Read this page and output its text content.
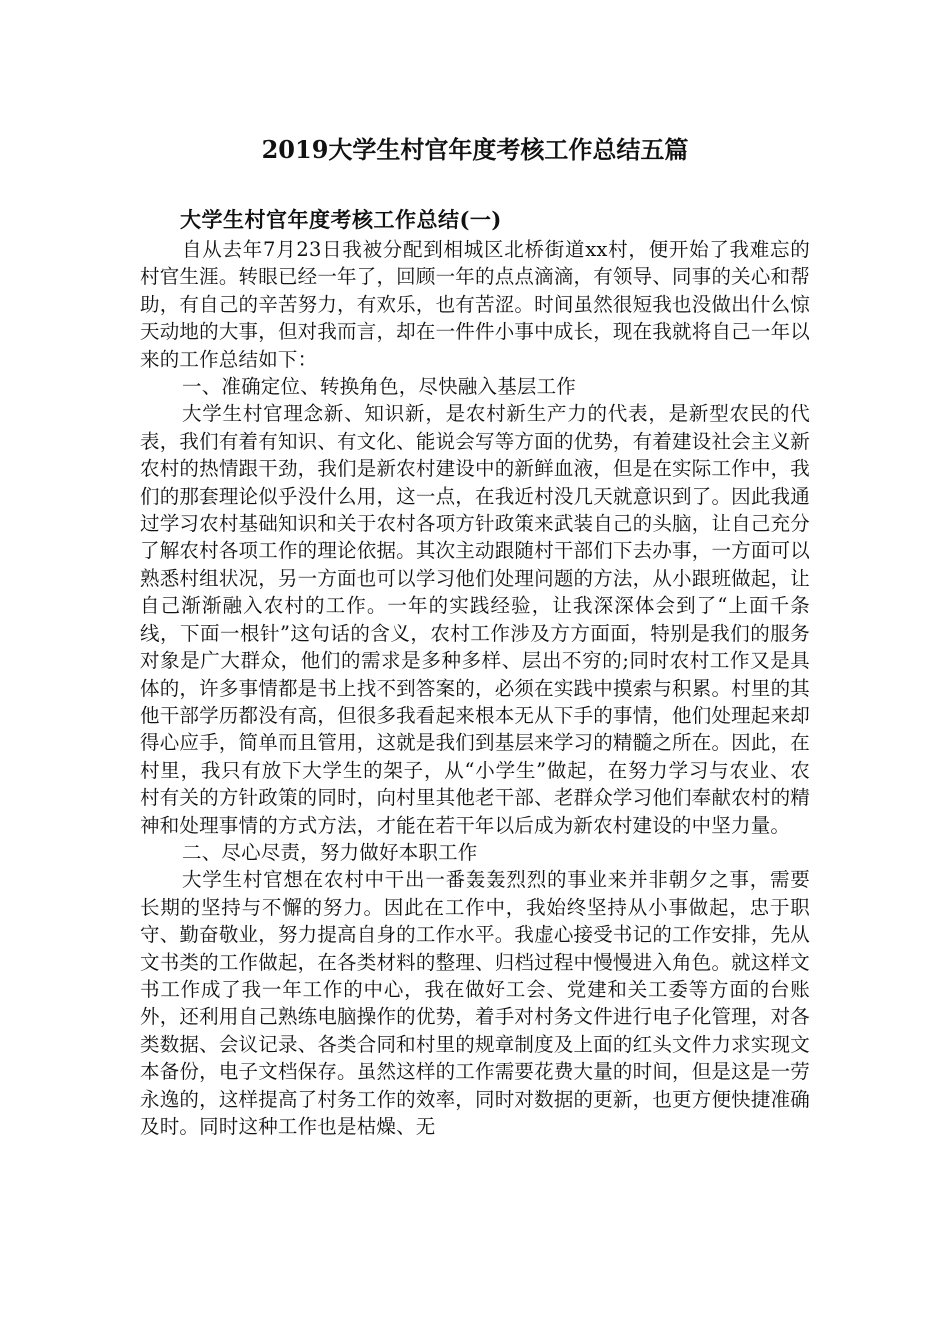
2019大学生村官年度考核工作总结五篇
大学生村官年度考核工作总结(一)

自从去年7月23日我被分配到相城区北桥街道xx村，便开始了我难忘的村官生涯。转眼已经一年了，回顾一年的点点滴滴，有领导、同事的关心和帮助，有自己的辛苦努力，有欢乐，也有苦涩。时间虽然很短我也没做出什么惊天动地的大事，但对我而言，却在一件件小事中成长，现在我就将自己一年以来的工作总结如下：

一、准确定位、转换角色，尽快融入基层工作

大学生村官理念新、知识新，是农村新生产力的代表，是新型农民的代表，我们有着有知识、有文化、能说会写等方面的优势，有着建设社会主义新农村的热情跟干劲，我们是新农村建设中的新鲜血液，但是在实际工作中，我们的那套理论似乎没什么用，这一点，在我近村没几天就意识到了。因此我通过学习农村基础知识和关于农村各项方针政策来武装自己的头脑，让自己充分了解农村各项工作的理论依据。其次主动跟随村干部们下去办事，一方面可以熟悉村组状况，另一方面也可以学习他们处理问题的方法，从小跟班做起，让自己渐渐融入农村的工作。一年的实践经验，让我深深体会到了“上面千条线，下面一根针”这句话的含义，农村工作涉及方方面面，特别是我们的服务对象是广大群众，他们的需求是多种多样、层出不穷的;同时农村工作又是具体的，许多事情都是书上找不到答案的，必须在实践中摸索与积累。村里的其他干部学历都没有高，但很多我看起来根本无从下手的事情，他们处理起来却得心应手，简单而且管用，这就是我们到基层来学习的精髓之所在。因此，在村里，我只有放下大学生的架子，从“小学生”做起，在努力学习与农业、农村有关的方针政策的同时，向村里其他老干部、老群众学习他们奉献农村的精神和处理事情的方式方法，才能在若干年以后成为新农村建设的中坚力量。

二、尽心尽责，努力做好本职工作

大学生村官想在农村中干出一番轰轰烈烈的事业来并非朝夕之事，需要长期的坚持与不懈的努力。因此在工作中，我始终坚持从小事做起，忠于职守、勤奋敬业，努力提高自身的工作水平。我虚心接受书记的工作安排，先从文书类的工作做起，在各类材料的整理、归档过程中慢慢进入角色。就这样文书工作成了我一年工作的中心，我在做好工会、党建和关工委等方面的台账外，还利用自己熟练电脑操作的优势，着手对村务文件进行电子化管理，对各类数据、会议记录、各类合同和村里的规章制度及上面的红头文件力求实现文本备份，电子文档保存。虽然这样的工作需要花费大量的时间，但是这是一劳永逸的，这样提高了村务工作的效率，同时对数据的更新，也更方便快捷准确及时。同时这种工作也是枯燥、无
